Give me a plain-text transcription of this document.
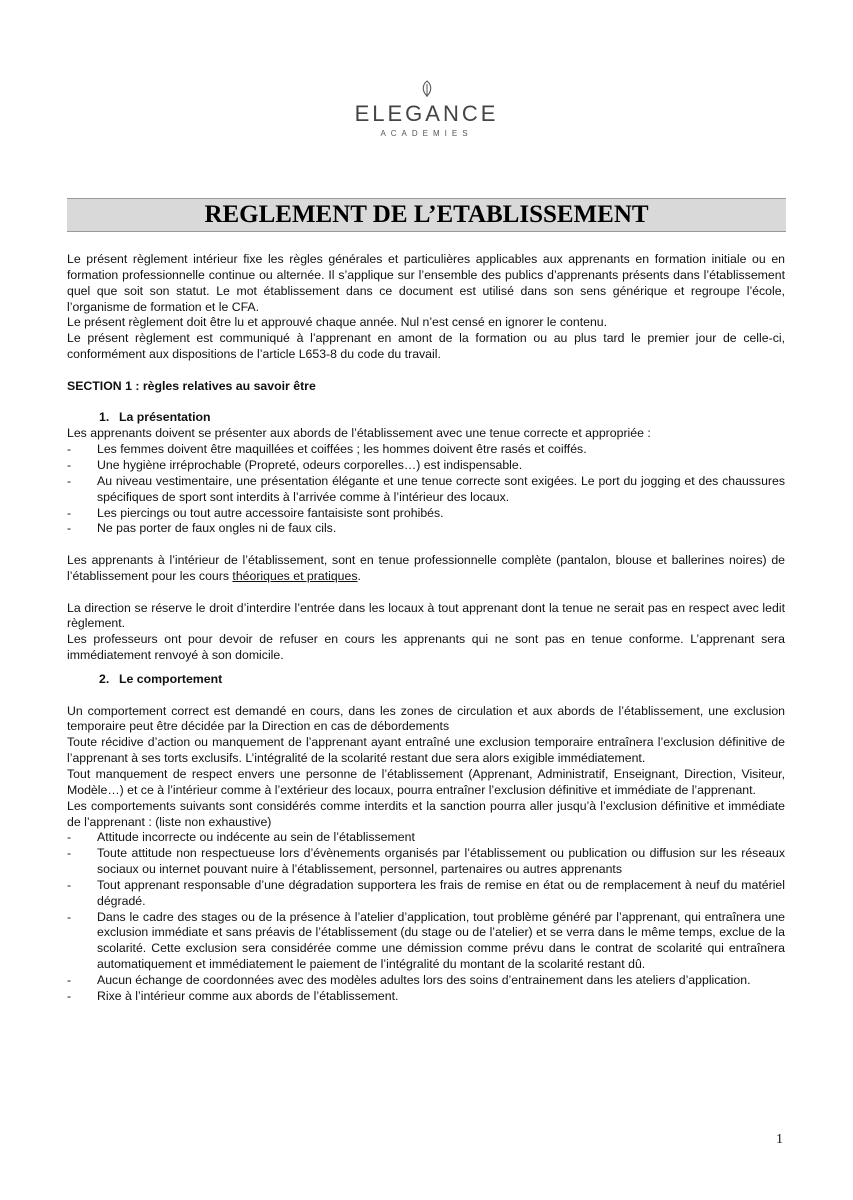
ELEGANCE
ACADEMIES
REGLEMENT DE L’ETABLISSEMENT

Le présent règlement intérieur fixe les règles générales et particulières applicables aux apprenants en formation initiale ou en formation professionnelle continue ou alternée. Il s’applique sur l’ensemble des publics d’apprenants présents dans l’établissement quel que soit son statut. Le mot établissement dans ce document est utilisé dans son sens générique et regroupe l’école, l’organisme de formation et le CFA.

Le présent règlement doit être lu et approuvé chaque année. Nul n’est censé en ignorer le contenu.

Le présent règlement est communiqué à l’apprenant en amont de la formation ou au plus tard le premier jour de celle-ci, conformément aux dispositions de l’article L653-8 du code du travail.

SECTION 1 : règles relatives au savoir être

1. La présentation

Les apprenants doivent se présenter aux abords de l’établissement avec une tenue correcte et appropriée :

- Les femmes doivent être maquillées et coiffées ; les hommes doivent être rasés et coiffés.
- Une hygiène irréprochable (Propreté, odeurs corporelles…) est indispensable.
- Au niveau vestimentaire, une présentation élégante et une tenue correcte sont exigées. Le port du jogging et des chaussures spécifiques de sport sont interdits à l’arrivée comme à l’intérieur des locaux.
- Les piercings ou tout autre accessoire fantaisiste sont prohibés.
- Ne pas porter de faux ongles ni de faux cils.

Les apprenants à l’intérieur de l’établissement, sont en tenue professionnelle complète (pantalon, blouse et ballerines noires) de l’établissement pour les cours théoriques et pratiques.

La direction se réserve le droit d’interdire l’entrée dans les locaux à tout apprenant dont la tenue ne serait pas en respect avec ledit règlement.

Les professeurs ont pour devoir de refuser en cours les apprenants qui ne sont pas en tenue conforme. L’apprenant sera immédiatement renvoyé à son domicile.

2. Le comportement

Un comportement correct est demandé en cours, dans les zones de circulation et aux abords de l’établissement, une exclusion temporaire peut être décidée par la Direction en cas de débordements

Toute récidive d’action ou manquement de l’apprenant ayant entraîné une exclusion temporaire entraînera l’exclusion définitive de l’apprenant à ses torts exclusifs. L’intégralité de la scolarité restant due sera alors exigible immédiatement.

Tout manquement de respect envers une personne de l’établissement (Apprenant, Administratif, Enseignant, Direction, Visiteur, Modèle…) et ce à l’intérieur comme à l’extérieur des locaux, pourra entraîner l’exclusion définitive et immédiate de l’apprenant.

Les comportements suivants sont considérés comme interdits et la sanction pourra aller jusqu’à l’exclusion définitive et immédiate de l’apprenant : (liste non exhaustive)

- Attitude incorrecte ou indécente au sein de l’établissement
- Toute attitude non respectueuse lors d’évènements organisés par l’établissement ou publication ou diffusion sur les réseaux sociaux ou internet pouvant nuire à l’établissement, personnel, partenaires ou autres apprenants
- Tout apprenant responsable d’une dégradation supportera les frais de remise en état ou de remplacement à neuf du matériel dégradé.
- Dans le cadre des stages ou de la présence à l’atelier d’application, tout problème généré par l’apprenant, qui entraînera une exclusion immédiate et sans préavis de l’établissement (du stage ou de l’atelier) et se verra dans le même temps, exclue de la scolarité. Cette exclusion sera considérée comme une démission comme prévu dans le contrat de scolarité qui entraînera automatiquement et immédiatement le paiement de l’intégralité du montant de la scolarité restant dû.
- Aucun échange de coordonnées avec des modèles adultes lors des soins d’entrainement dans les ateliers d’application.
- Rixe à l’intérieur comme aux abords de l’établissement.
1
